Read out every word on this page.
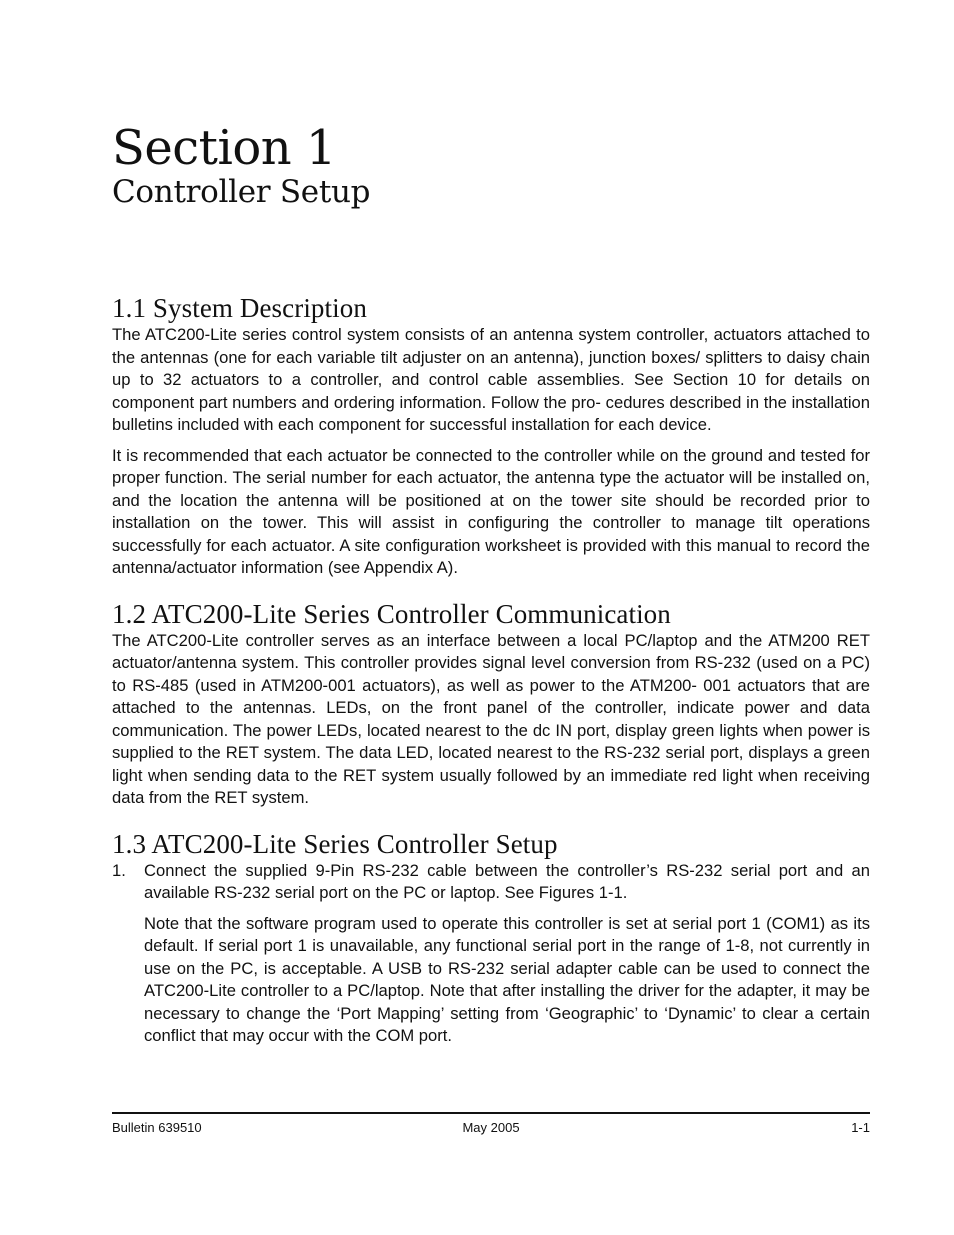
Section 1
Controller Setup
1.1 System Description

The ATC200-Lite series control system consists of an antenna system controller, actuators attached to the antennas (one for each variable tilt adjuster on an antenna), junction boxes/ splitters to daisy chain up to 32 actuators to a controller, and control cable assemblies. See Section 10 for details on component part numbers and ordering information. Follow the pro- cedures described in the installation bulletins included with each component for successful installation for each device.

It is recommended that each actuator be connected to the controller while on the ground and tested for proper function. The serial number for each actuator, the antenna type the actuator will be installed on, and the location the antenna will be positioned at on the tower site should be recorded prior to installation on the tower. This will assist in configuring the controller to manage tilt operations successfully for each actuator. A site configuration worksheet is provided with this manual to record the antenna/actuator information (see Appendix A).

1.2 ATC200-Lite Series Controller Communication

The ATC200-Lite controller serves as an interface between a local PC/laptop and the ATM200 RET actuator/antenna system. This controller provides signal level conversion from RS-232 (used on a PC) to RS-485 (used in ATM200-001 actuators), as well as power to the ATM200- 001 actuators that are attached to the antennas. LEDs, on the front panel of the controller, indicate power and data communication. The power LEDs, located nearest to the dc IN port, display green lights when power is supplied to the RET system. The data LED, located nearest to the RS-232 serial port, displays a green light when sending data to the RET system usually followed by an immediate red light when receiving data from the RET system.

1.3 ATC200-Lite Series Controller Setup
1.	Connect the supplied 9-Pin RS-232 cable between the controller’s RS-232 serial port and an available RS-232 serial port on the PC or laptop. See Figures 1-1.

Note that the software program used to operate this controller is set at serial port 1 (COM1) as its default. If serial port 1 is unavailable, any functional serial port in the range of 1-8, not currently in use on the PC, is acceptable. A USB to RS-232 serial adapter cable can be used to connect the ATC200-Lite controller to a PC/laptop. Note that after installing the driver for the adapter, it may be necessary to change the ‘Port Mapping’ setting from ‘Geographic’ to ‘Dynamic’ to clear a certain conflict that may occur with the COM port.

Bulletin 639510	May 2005	1-1
